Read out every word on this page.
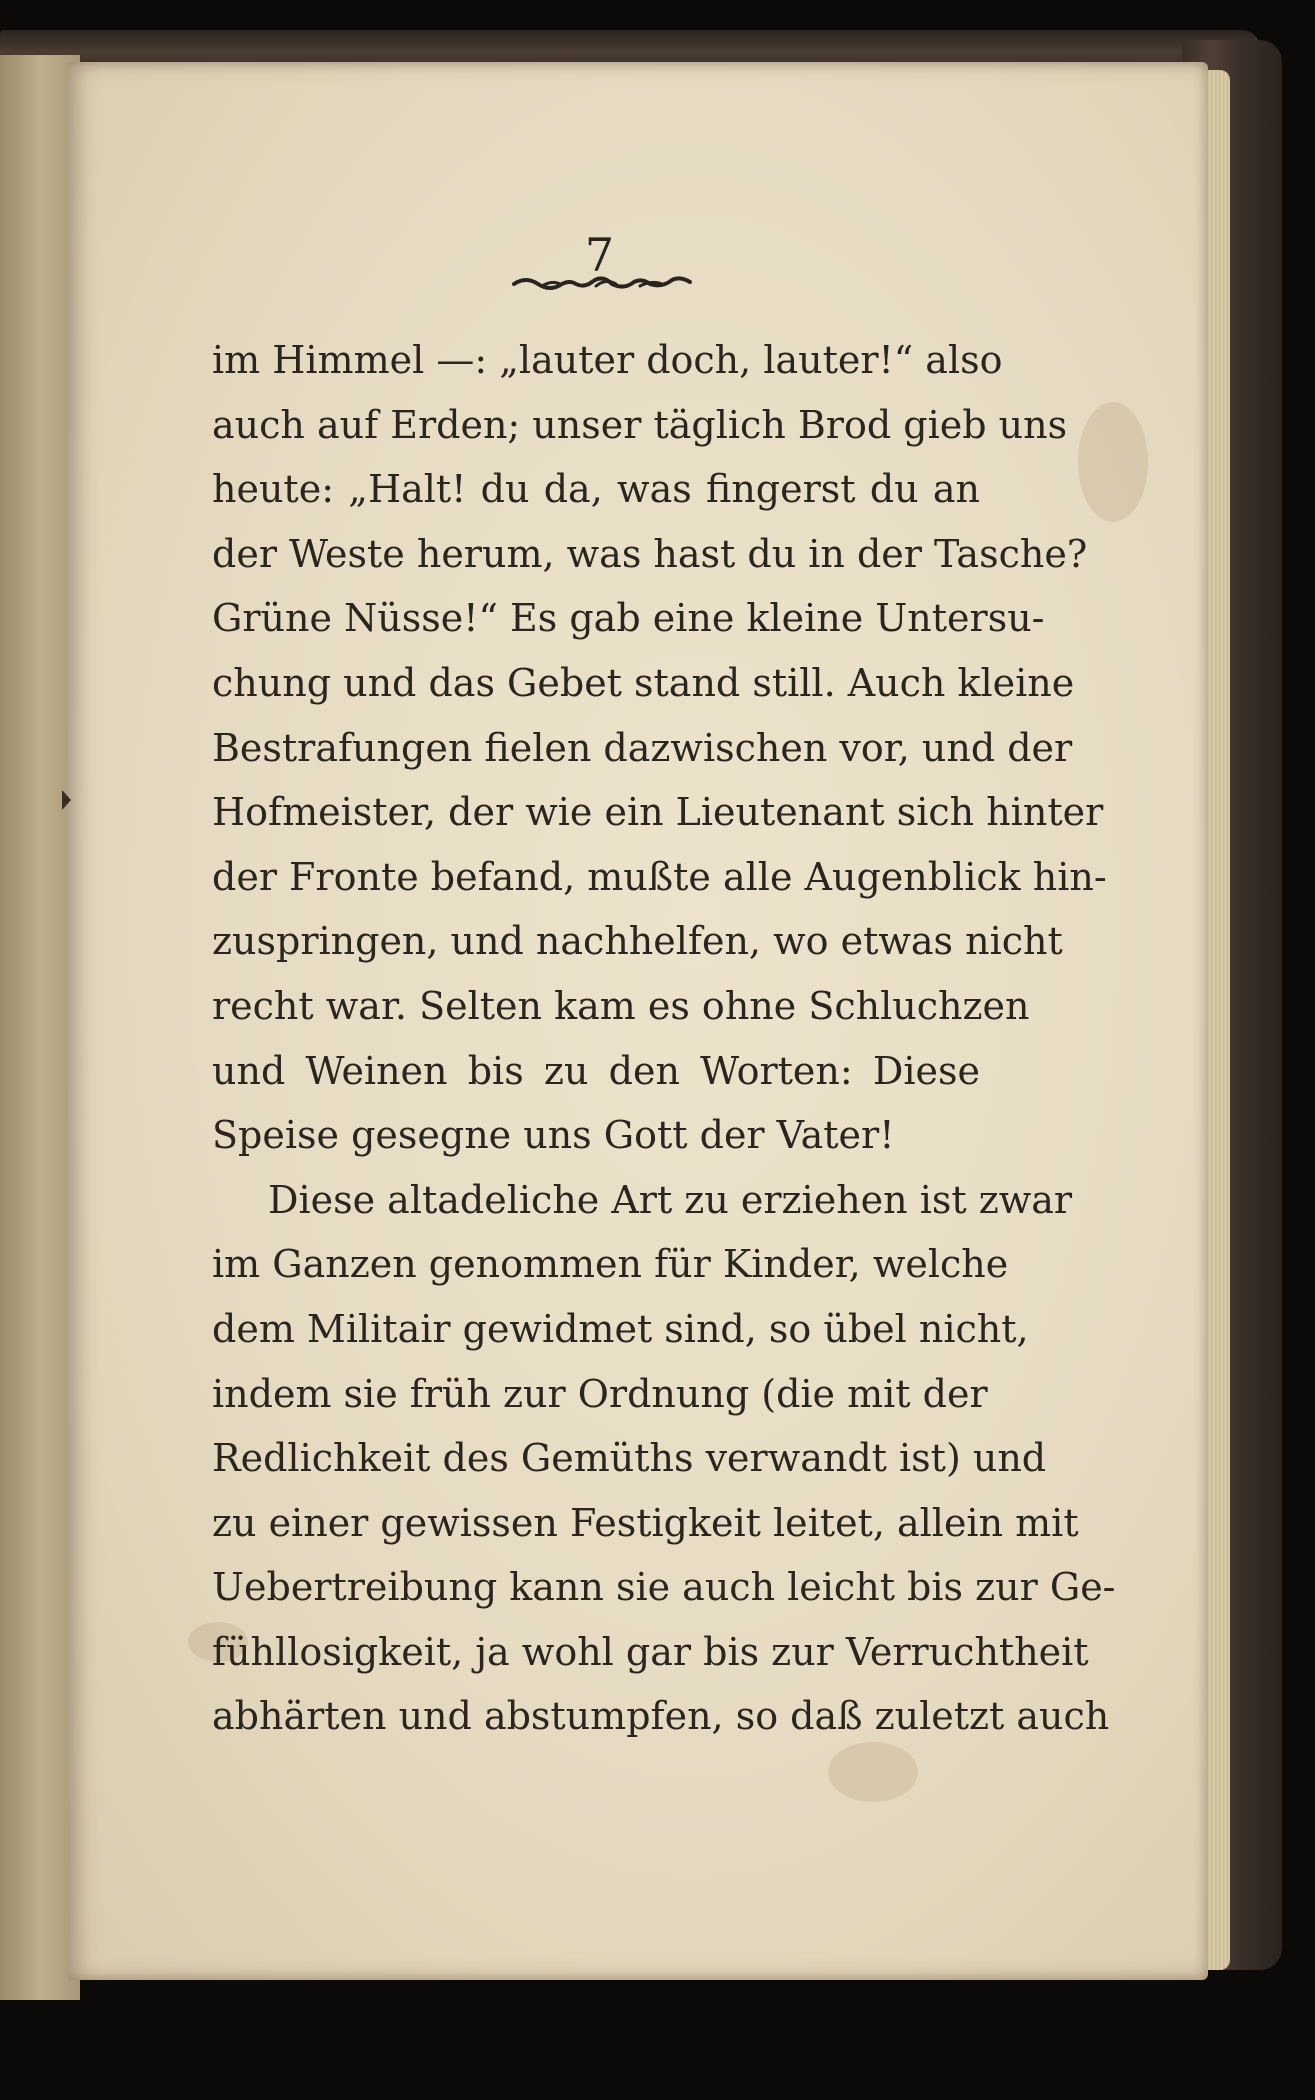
7
im Himmel —: „lauter doch, lauter!“ also
auch auf Erden; unser täglich Brod gieb uns
heute: „Halt! du da, was fingerst du an
der Weste herum, was hast du in der Tasche?
Grüne Nüsse!“ Es gab eine kleine Untersu-
chung und das Gebet stand still. Auch kleine
Bestrafungen fielen dazwischen vor, und der
Hofmeister, der wie ein Lieutenant sich hinter
der Fronte befand, mußte alle Augenblick hin-
zuspringen, und nachhelfen, wo etwas nicht
recht war. Selten kam es ohne Schluchzen
und Weinen bis zu den Worten: Diese
Speise gesegne uns Gott der Vater!
Diese altadeliche Art zu erziehen ist zwar
im Ganzen genommen für Kinder, welche
dem Militair gewidmet sind, so übel nicht,
indem sie früh zur Ordnung (die mit der
Redlichkeit des Gemüths verwandt ist) und
zu einer gewissen Festigkeit leitet, allein mit
Uebertreibung kann sie auch leicht bis zur Ge-
fühllosigkeit, ja wohl gar bis zur Verruchtheit
abhärten und abstumpfen, so daß zuletzt auch
